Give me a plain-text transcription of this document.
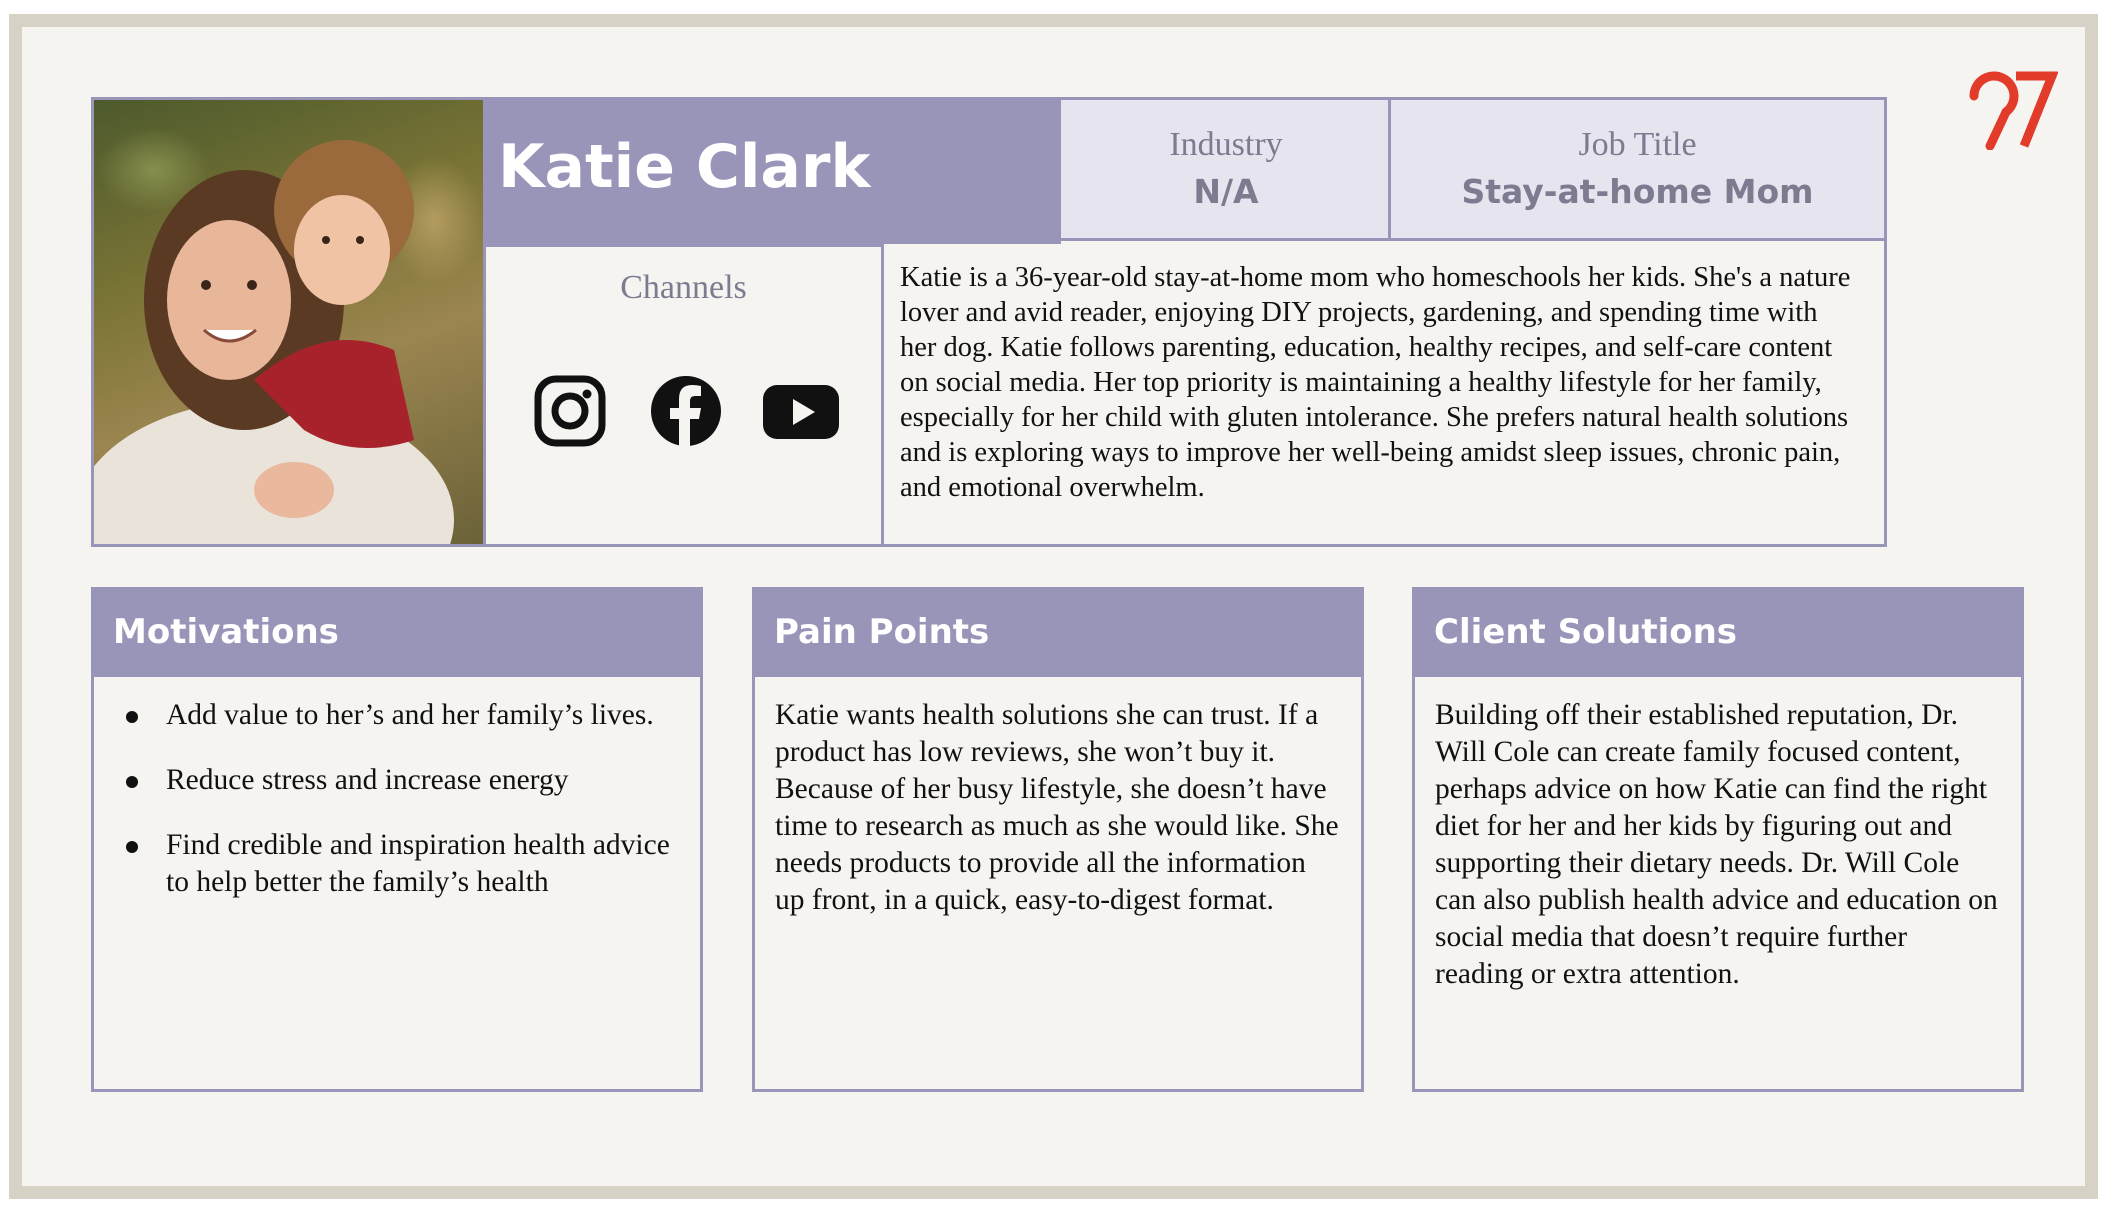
Katie Clark	Industry
N/A
Job Title
Stay-at-home Mom
Channels	Katie is a 36-year-old stay-at-home mom who homeschools her kids. She's a nature lover and avid reader, enjoying DIY projects, gardening, and spending time with her dog. Katie follows parenting, education, healthy recipes, and self-care content on social media. Her top priority is maintaining a healthy lifestyle for her family, especially for her child with gluten intolerance. She prefers natural health solutions and is exploring ways to improve her well-being amidst sleep issues, chronic pain, and emotional overwhelm.
Motivations
Add value to her’s and her family’s lives.
Reduce stress and increase energy
Find credible and inspiration health advice to help better the family’s health
Pain Points
Katie wants health solutions she can trust. If a product has low reviews, she won’t buy it. Because of her busy lifestyle, she doesn’t have time to research as much as she would like. She needs products to provide all the information up front, in a quick, easy-to-digest format.
Client Solutions
Building off their established reputation, Dr. Will Cole can create family focused content, perhaps advice on how Katie can find the right diet for her and her kids by figuring out and supporting their dietary needs. Dr. Will Cole can also publish health advice and education on social media that doesn’t require further reading or extra attention.
